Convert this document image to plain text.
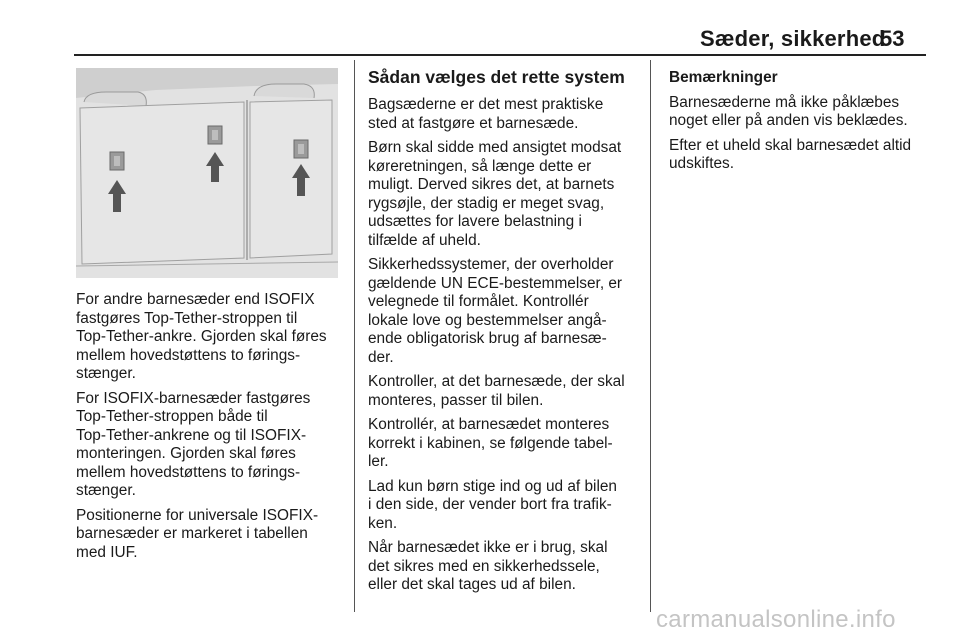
Sæder, sikkerhed
53

For andre barnesæder end ISOFIX
fastgøres Top-Tether-stroppen til
Top-Tether-ankre. Gjorden skal føres
mellem hovedstøttens to førings-
stænger.

For ISOFIX-barnesæder fastgøres
Top-Tether-stroppen både til
Top-Tether-ankrene og til ISOFIX-
monteringen. Gjorden skal føres
mellem hovedstøttens to førings-
stænger.

Positionerne for universale ISOFIX-
barnesæder er markeret i tabellen
med IUF.

Sådan vælges det rette system

Bagsæderne er det mest praktiske
sted at fastgøre et barnesæde.

Børn skal sidde med ansigtet modsat
køreretningen, så længe dette er
muligt. Derved sikres det, at barnets
rygsøjle, der stadig er meget svag,
udsættes for lavere belastning i
tilfælde af uheld.

Sikkerhedssystemer, der overholder
gældende UN ECE-bestemmelser, er
velegnede til formålet. Kontrollér
lokale love og bestemmelser angå-
ende obligatorisk brug af barnesæ-
der.

Kontroller, at det barnesæde, der skal
monteres, passer til bilen.

Kontrollér, at barnesædet monteres
korrekt i kabinen, se følgende tabel-
ler.

Lad kun børn stige ind og ud af bilen
i den side, der vender bort fra trafik-
ken.

Når barnesædet ikke er i brug, skal
det sikres med en sikkerhedssele,
eller det skal tages ud af bilen.

Bemærkninger

Barnesæderne må ikke påklæbes
noget eller på anden vis beklædes.

Efter et uheld skal barnesædet altid
udskiftes.

carmanualsonline.info
